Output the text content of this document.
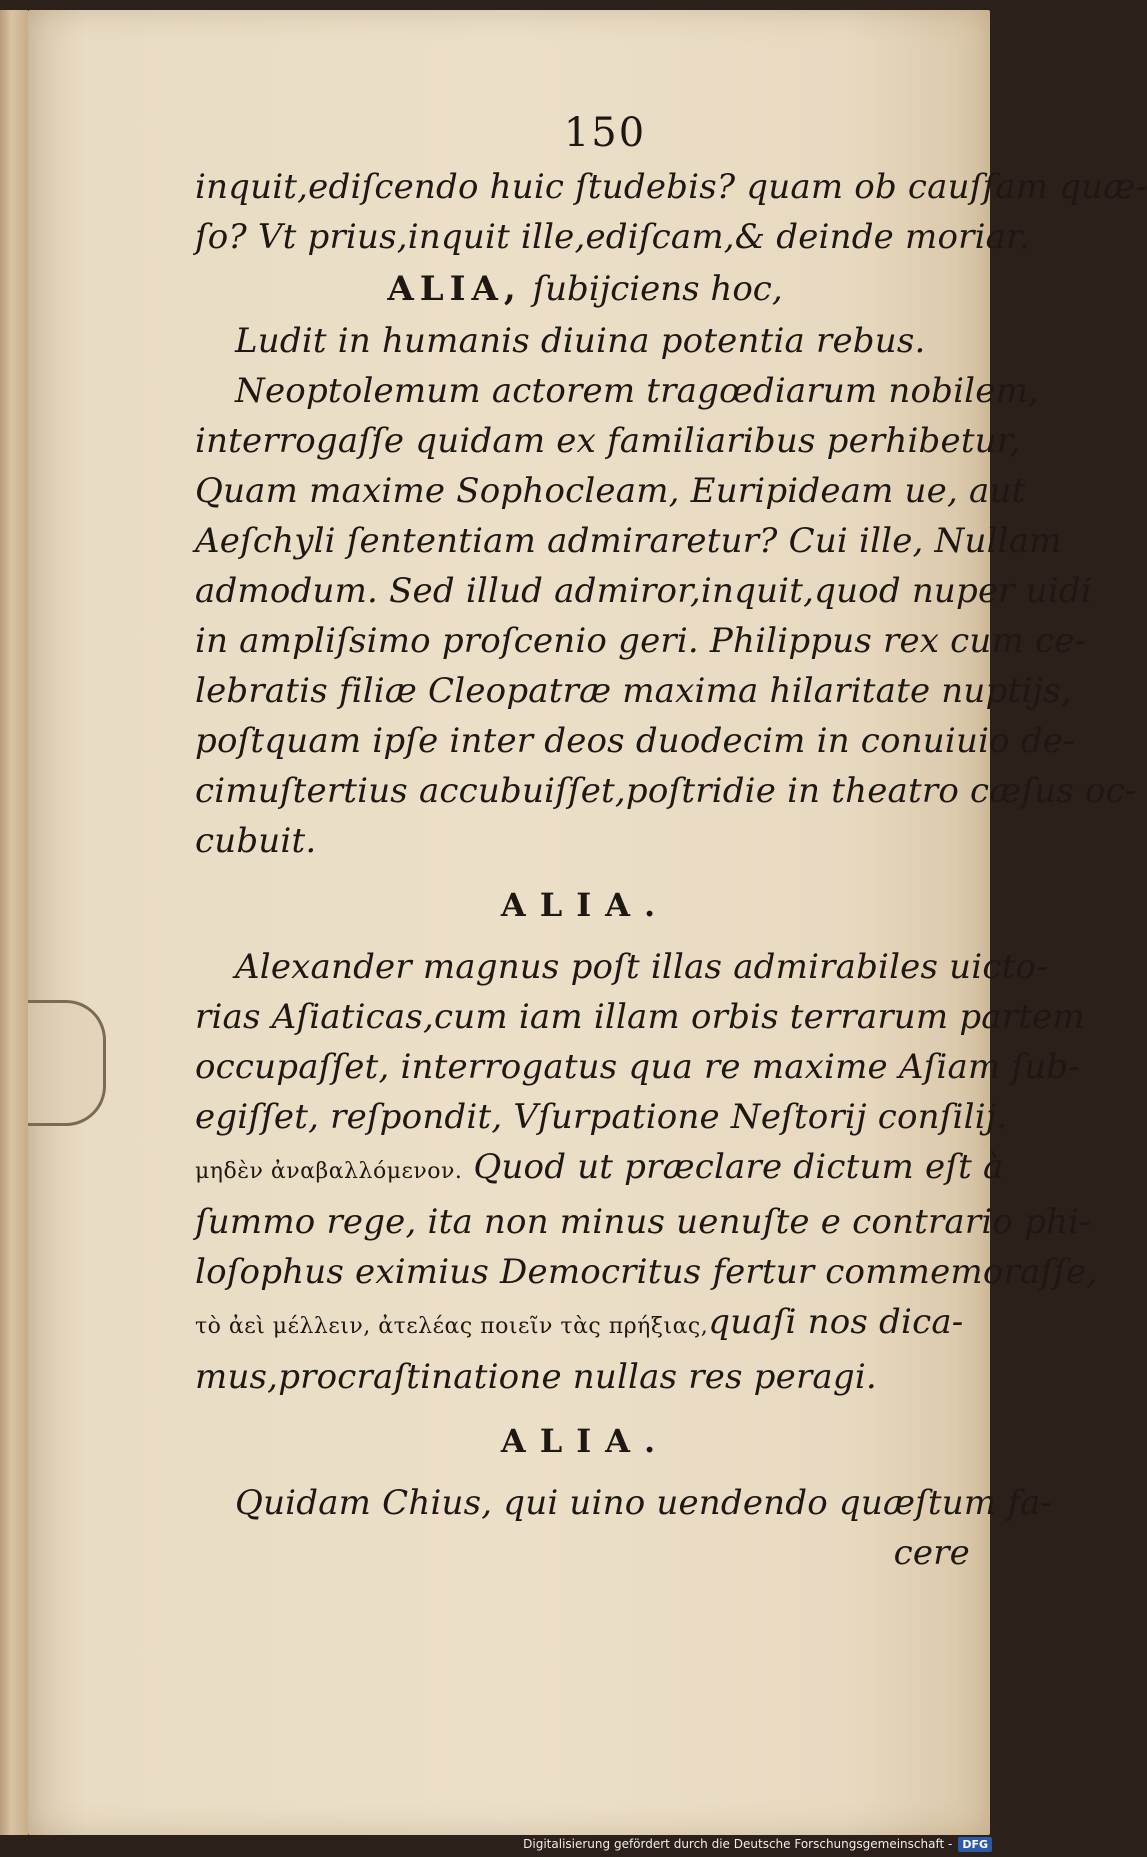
150
inquit,ediſcendo huic ſtudebis? quam ob cauſſam quæ-
ſo? Vt prius,inquit ille,ediſcam,& deinde moriar.
ALIA, ſubijciens hoc,
Ludit in humanis diuina potentia rebus.
Neoptolemum actorem tragœdiarum nobilem,
interrogaſſe quidam ex familiaribus perhibetur,
Quam maxime Sophocleam, Euripideam ue, aut
Aeſchyli ſententiam admiraretur? Cui ille, Nullam
admodum. Sed illud admiror,inquit,quod nuper uidi
in ampliſsimo proſcenio geri. Philippus rex cum ce-
lebratis filiæ Cleopatræ maxima hilaritate nuptijs,
poſtquam ipſe inter deos duodecim in conuiuio de-
cimuſtertius accubuiſſet,poſtridie in theatro cæſus oc-
cubuit.
ALIA.
Alexander magnus poſt illas admirabiles uicto-
rias Aſiaticas,cum iam illam orbis terrarum partem
occupaſſet, interrogatus qua re maxime Aſiam ſub-
egiſſet, reſpondit, Vſurpatione Neſtorij conſilij.
μηδὲν ἀναβαλλόμενον. Quod ut præclare dictum eſt à
ſummo rege, ita non minus uenuſte e contrario phi-
loſophus eximius Democritus fertur commemoraſſe,
τὸ ἀεὶ μέλλειν, ἀτελέας ποιεῖν τὰς πρήξιας,quaſi nos dica-
mus,procraſtinatione nullas res peragi.
ALIA.
Quidam Chius, qui uino uendendo quæſtum fa-
cere
Digitalisierung gefördert durch die Deutsche Forschungsgemeinschaft - DFG
